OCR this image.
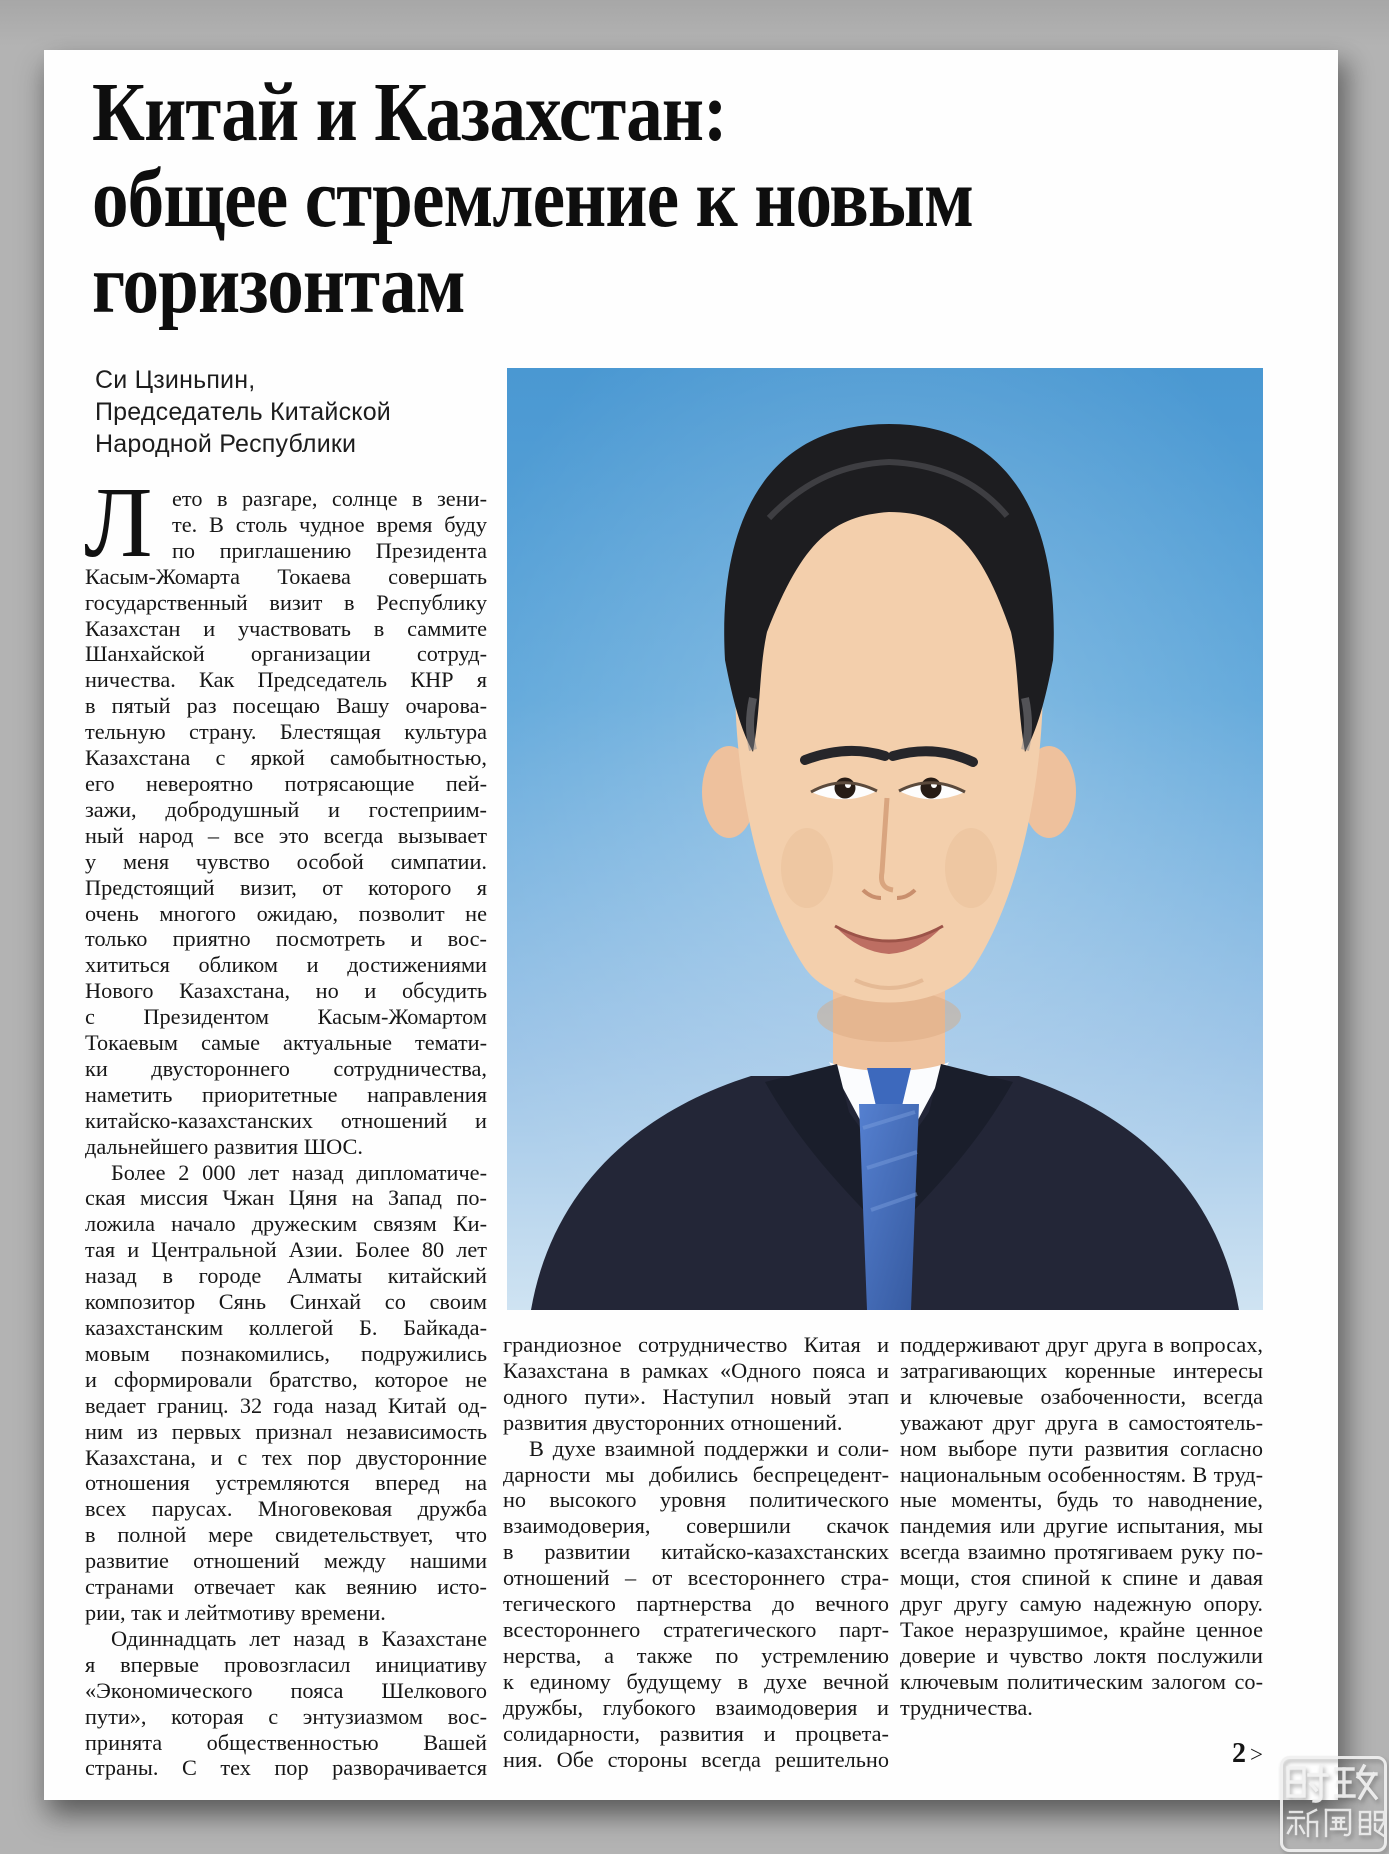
Китай и Казахстан:
общее стремление к новым
горизонтам
Си Цзиньпин,
Председатель Китайской
Народной Республики
Л ето в разгаре, солнце в зени-
те. В столь чудное время буду
по приглашению Президента
Касым-Жомарта Токаева совершать
государственный визит в Республику
Казахстан и участвовать в саммите
Шанхайской организации сотруд-
ничества. Как Председатель КНР я
в пятый раз посещаю Вашу очарова-
тельную страну. Блестящая культура
Казахстана с яркой самобытностью,
его невероятно потрясающие пей-
зажи, добродушный и гостеприим-
ный народ – все это всегда вызывает
у меня чувство особой симпатии.
Предстоящий визит, от которого я
очень многого ожидаю, позволит не
только приятно посмотреть и вос-
хититься обликом и достижениями
Нового Казахстана, но и обсудить
с Президентом Касым-Жомартом
Токаевым самые актуальные темати-
ки двустороннего сотрудничества,
наметить приоритетные направления
китайско-казахстанских отношений и
дальнейшего развития ШОС.
Более 2 000 лет назад дипломатиче-
ская миссия Чжан Цяня на Запад по-
ложила начало дружеским связям Ки-
тая и Центральной Азии. Более 80 лет
назад в городе Алматы китайский
композитор Сянь Синхай со своим
казахстанским коллегой Б. Байкада-
мовым познакомились, подружились
и сформировали братство, которое не
ведает границ. 32 года назад Китай од-
ним из первых признал независимость
Казахстана, и с тех пор двусторонние
отношения устремляются вперед на
всех парусах. Многовековая дружба
в полной мере свидетельствует, что
развитие отношений между нашими
странами отвечает как веянию исто-
рии, так и лейтмотиву времени.
Одиннадцать лет назад в Казахстане
я впервые провозгласил инициативу
«Экономического пояса Шелкового
пути», которая с энтузиазмом вос-
принята общественностью Вашей
страны. С тех пор разворачивается
грандиозное сотрудничество Китая и
Казахстана в рамках «Одного пояса и
одного пути». Наступил новый этап
развития двусторонних отношений.
В духе взаимной поддержки и соли-
дарности мы добились беспрецедент-
но высокого уровня политического
взаимодоверия, совершили скачок
в развитии китайско-казахстанских
отношений – от всестороннего стра-
тегического партнерства до вечного
всестороннего стратегического парт-
нерства, а также по устремлению
к единому будущему в духе вечной
дружбы, глубокого взаимодоверия и
солидарности, развития и процвета-
ния. Обе стороны всегда решительно
поддерживают друг друга в вопросах,
затрагивающих коренные интересы
и ключевые озабоченности, всегда
уважают друг друга в самостоятель-
ном выборе пути развития согласно
национальным особенностям. В труд-
ные моменты, будь то наводнение,
пандемия или другие испытания, мы
всегда взаимно протягиваем руку по-
мощи, стоя спиной к спине и давая
друг другу самую надежную опору.
Такое неразрушимое, крайне ценное
доверие и чувство локтя послужили
ключевым политическим залогом со-
трудничества.
2 >
